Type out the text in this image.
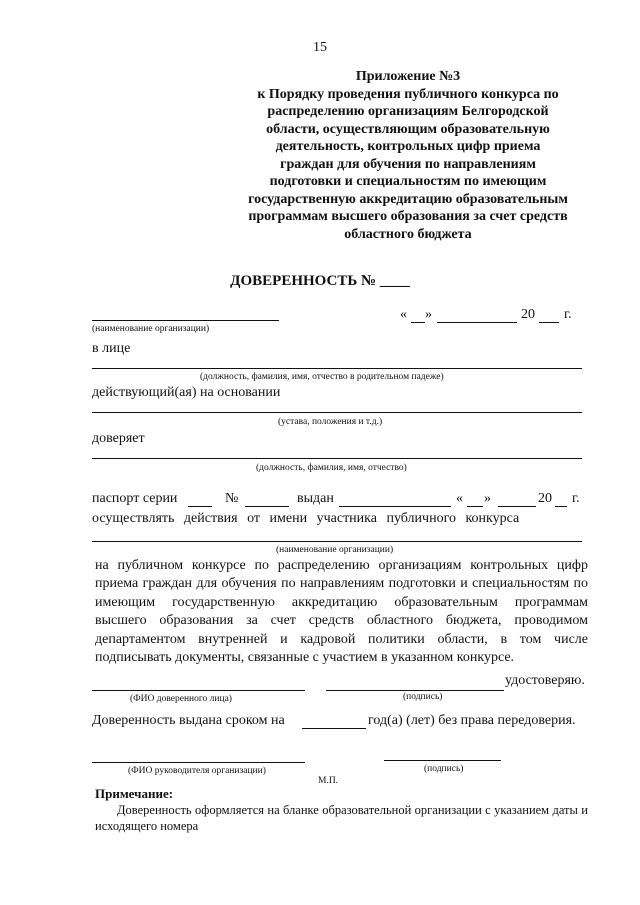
15
Приложение №3
к Порядку проведения публичного конкурса по распределению организациям Белгородской области, осуществляющим образовательную деятельность, контрольных цифр приема граждан для обучения по направлениям подготовки и специальностям по имеющим государственную аккредитацию образовательным программам высшего образования за счет средств областного бюджета
ДОВЕРЕННОСТЬ № ____
(наименование организации)
« »	20 г.
в лице
(должность, фамилия, имя, отчество в родительном падеже)
действующий(ая) на основании
(устава, положения и т.д.)
доверяет
(должность, фамилия, имя, отчество)
паспорт серии	№	выдан	« »	20 г.
осуществлять действия от имени участника публичного конкурса
(наименование организации)
на публичном конкурсе по распределению организациям контрольных цифр приема граждан для обучения по направлениям подготовки и специальностям по имеющим государственную аккредитацию образовательным программам высшего образования за счет средств областного бюджета, проводимом департаментом внутренней и кадровой политики области, в том числе подписывать документы, связанные с участием в указанном конкурсе.
удостоверяю.
(ФИО доверенного лица)	(подпись)
Доверенность выдана сроком на	год(а) (лет) без права передоверия.
(ФИО руководителя организации)	(подпись)
М.П.
Примечание:
Доверенность оформляется на бланке образовательной организации с указанием даты и исходящего номера
